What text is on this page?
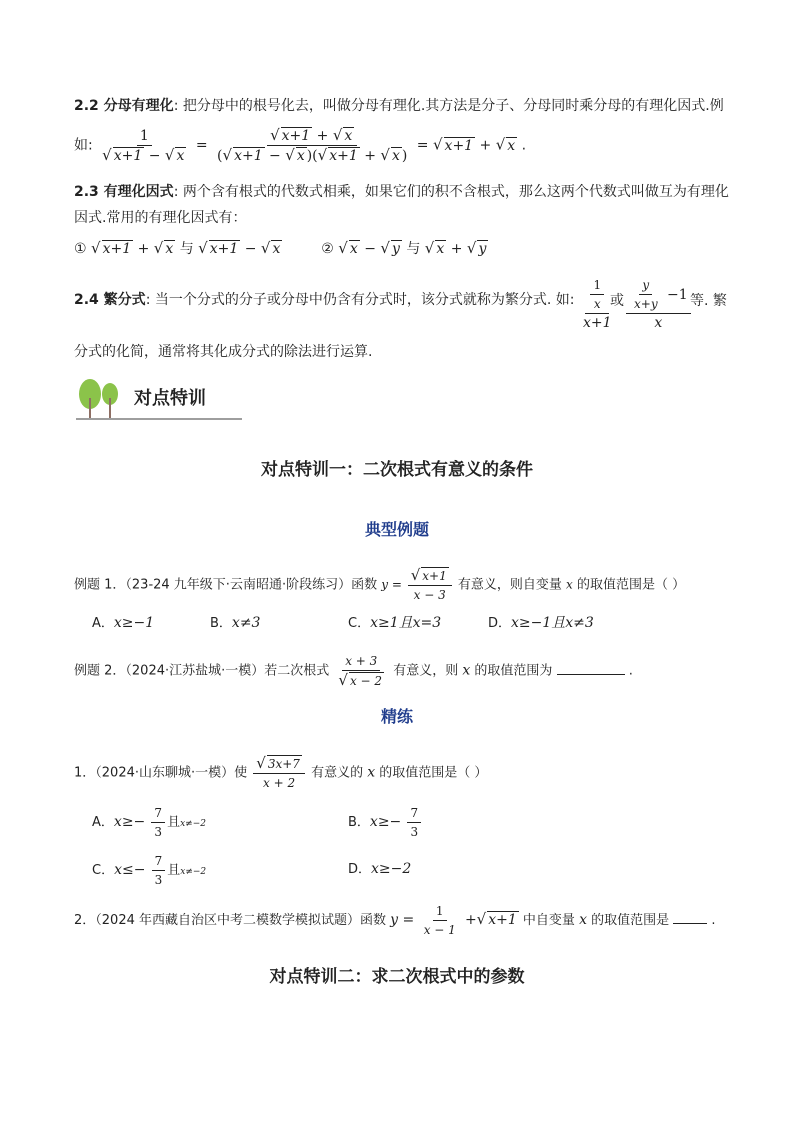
2.2 分母有理化: 把分母中的根号化去，叫做分母有理化.其方法是分子、分母同时乘分母的有理化因式.例
如: $\frac{1}{√ x+1 - √ x} = \frac{√ x+1 + √ x}{(√ x+1 - √ x )(√ x+1 + √ x )}$ = √ x+1 + √ x .
2.3 有理化因式: 两个含有根式的代数式相乘，如果它们的积不含根式，那么这两个代数式叫做互为有理化
因式.常用的有理化因式有：
① √ x+1 + √ x 与 √ x+1 − √ x	② √ x − √ y 与 √ x + √ y
2.4 繁分式: 当一个分式的分子或分母中仍含有分式时，该分式就称为繁分式. 如: $\frac{\frac{1}{x}}{x+1}$
或 $\frac{\frac{y}{x+y} -1}{x}$ 等. 繁
分式的化简，通常将其化成分式的除法进行运算.
对点特训
对点特训一：二次根式有意义的条件
典型例题
例题 1．（23-24 九年级下·云南昭通·阶段练习）函数 $y = \frac{√ x+1}{x - 3}$ 有意义，则自变量 x 的取值范围是（ ）
A．x≥−1	B．x≠3	C．x≥1且x=3	D．x≥−1且x≠3
例题 2．（2024·江苏盐城·一模）若二次根式 $\frac{x + 3}{√ x - 2}$ 有意义，则 x 的取值范围为	.
精练
1．（2024·山东聊城·一模）使 $\frac{√ 3x+7}{x + 2}$ 有意义的 x 的取值范围是（ ）
A．$x\ge- \frac{7}{3}$ 且x≠−2	B．$x\ge- \frac{7}{3}$
C．$x\le- \frac{7}{3}$ 且x≠−2	D．x≥−2
2．（2024 年西藏自治区中考二模数学模拟试题）函数 $y = \frac{1}{x - 1}$ +√ x+1 中自变量 x 的取值范围是	.
对点特训二：求二次根式中的参数
